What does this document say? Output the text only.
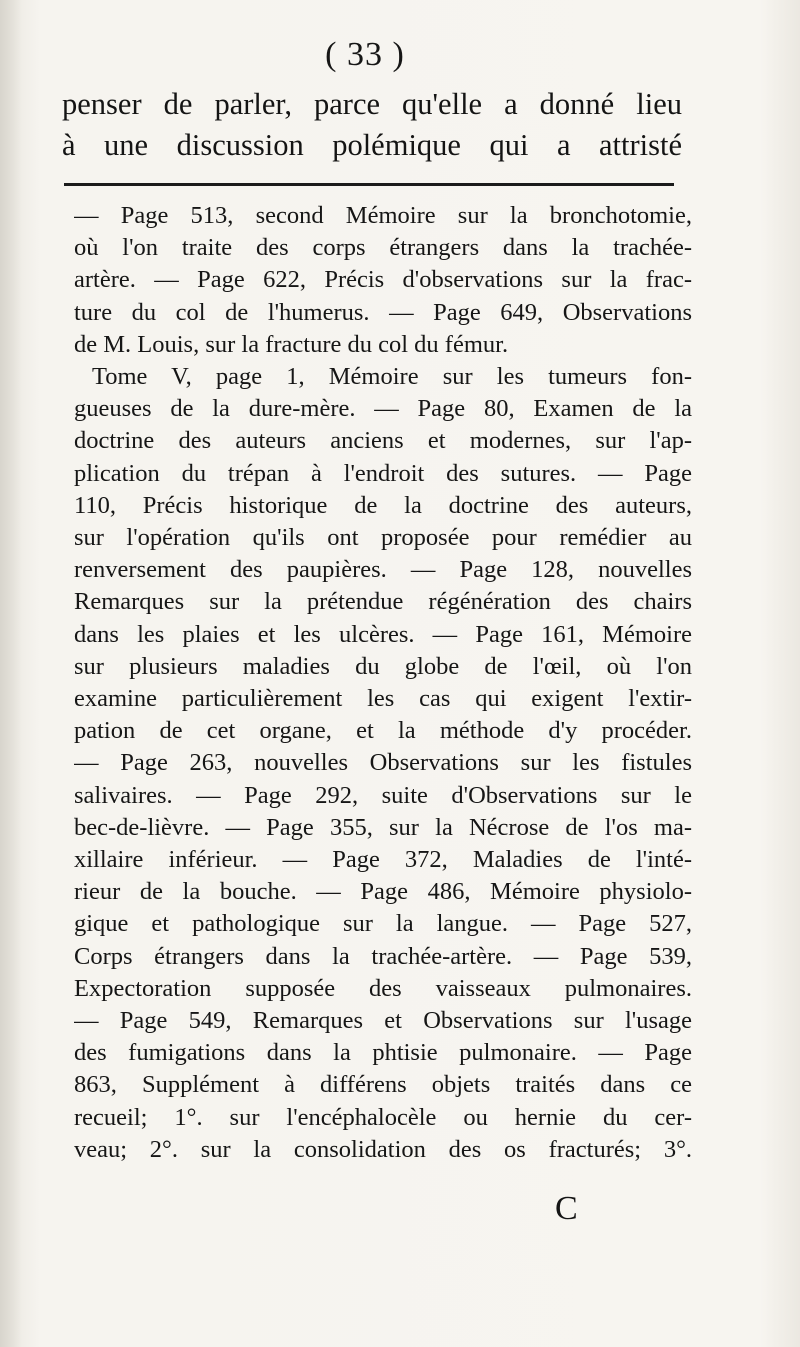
( 33 )
penser de parler, parce qu'elle a donné lieu
à une discussion polémique qui a attristé
— Page 513, second Mémoire sur la bronchotomie,
où l'on traite des corps étrangers dans la trachée-
artère. — Page 622, Précis d'observations sur la frac-
ture du col de l'humerus. — Page 649, Observations
de M. Louis, sur la fracture du col du fémur.
Tome V, page 1, Mémoire sur les tumeurs fon-
gueuses de la dure-mère. — Page 80, Examen de la
doctrine des auteurs anciens et modernes, sur l'ap-
plication du trépan à l'endroit des sutures. — Page
110, Précis historique de la doctrine des auteurs,
sur l'opération qu'ils ont proposée pour remédier au
renversement des paupières. — Page 128, nouvelles
Remarques sur la prétendue régénération des chairs
dans les plaies et les ulcères. — Page 161, Mémoire
sur plusieurs maladies du globe de l'œil, où l'on
examine particulièrement les cas qui exigent l'extir-
pation de cet organe, et la méthode d'y procéder.
— Page 263, nouvelles Observations sur les fistules
salivaires. — Page 292, suite d'Observations sur le
bec-de-lièvre. — Page 355, sur la Nécrose de l'os ma-
xillaire inférieur. — Page 372, Maladies de l'inté-
rieur de la bouche. — Page 486, Mémoire physiolo-
gique et pathologique sur la langue. — Page 527,
Corps étrangers dans la trachée-artère. — Page 539,
Expectoration supposée des vaisseaux pulmonaires.
— Page 549, Remarques et Observations sur l'usage
des fumigations dans la phtisie pulmonaire. — Page
863, Supplément à différens objets traités dans ce
recueil; 1°. sur l'encéphalocèle ou hernie du cer-
veau; 2°. sur la consolidation des os fracturés; 3°.
C
